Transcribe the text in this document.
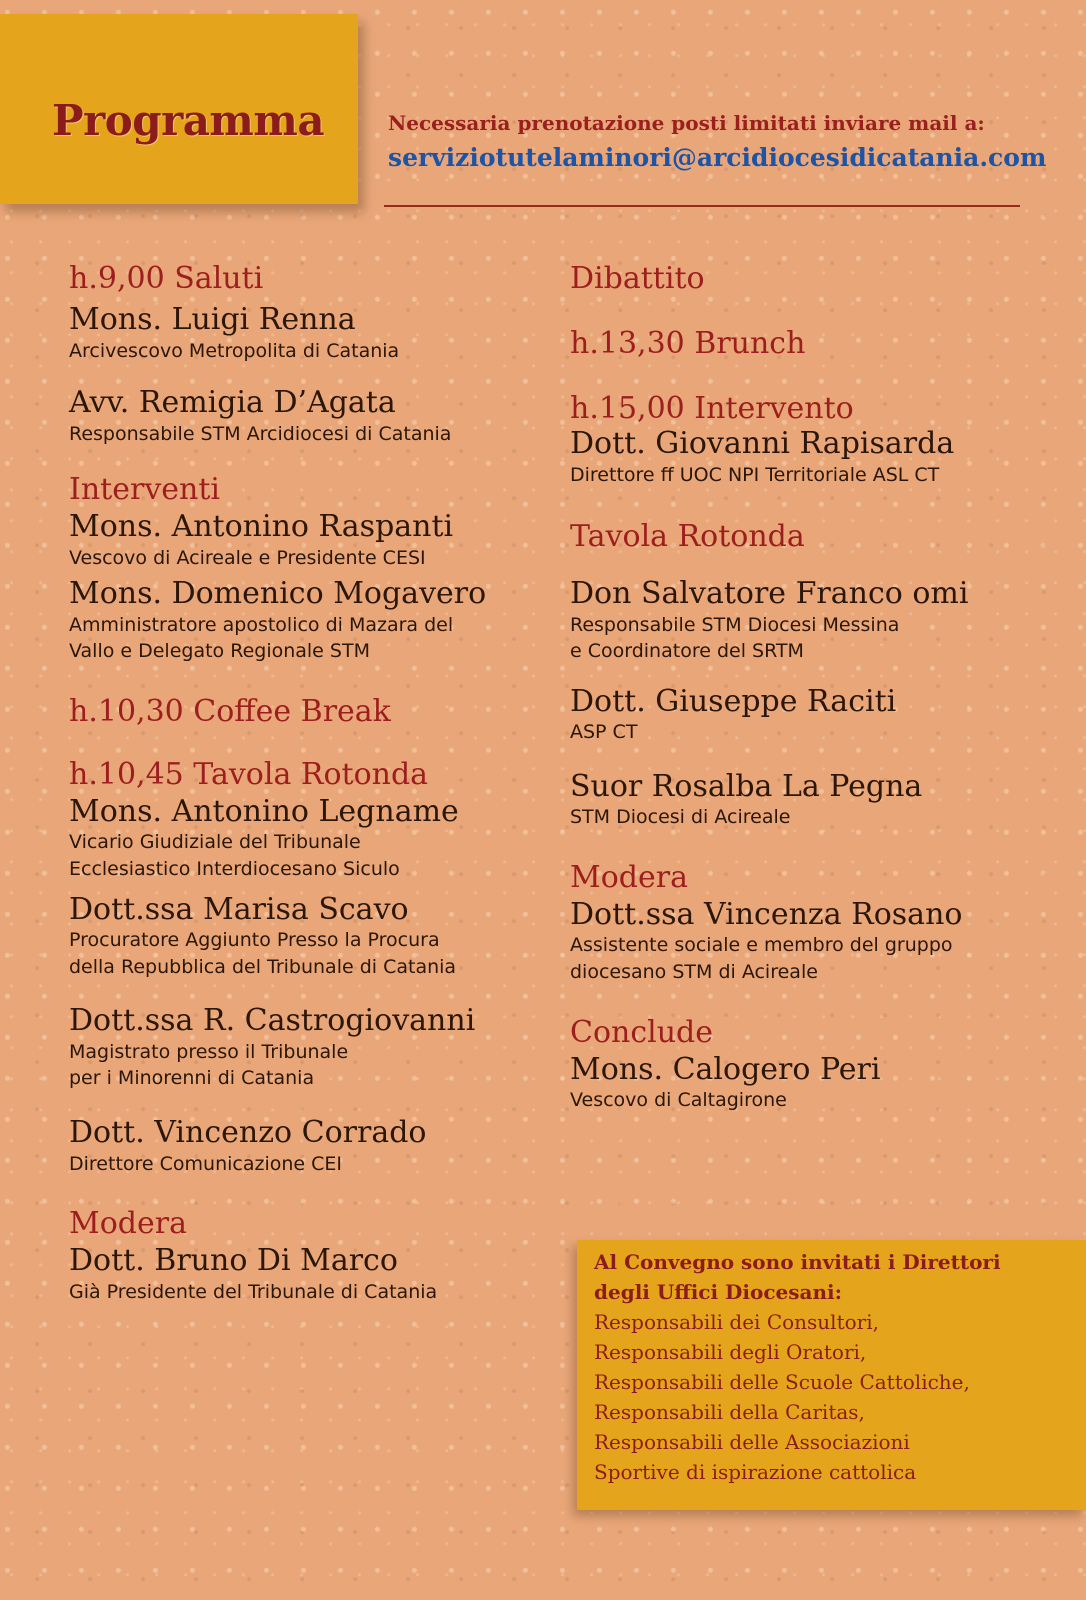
Programma	Necessaria prenotazione posti limitati inviare mail a:
serviziotutelaminori@arcidiocesidicatania.com
h.9,00 Saluti
Mons. Luigi Renna
Arcivescovo Metropolita di Catania
Avv. Remigia D’Agata
Responsabile STM Arcidiocesi di Catania
Interventi
Mons. Antonino Raspanti
Vescovo di Acireale e Presidente CESI
Mons. Domenico Mogavero
Amministratore apostolico di Mazara del
Vallo e Delegato Regionale STM
h.10,30 Coffee Break
h.10,45 Tavola Rotonda
Mons. Antonino Legname
Vicario Giudiziale del Tribunale
Ecclesiastico Interdiocesano Siculo
Dott.ssa Marisa Scavo
Procuratore Aggiunto Presso la Procura
della Repubblica del Tribunale di Catania
Dott.ssa R. Castrogiovanni
Magistrato presso il Tribunale
per i Minorenni di Catania
Dott. Vincenzo Corrado
Direttore Comunicazione CEI
Modera
Dott. Bruno Di Marco
Già Presidente del Tribunale di Catania
Dibattito
h.13,30 Brunch
h.15,00 Intervento
Dott. Giovanni Rapisarda
Direttore ff UOC NPI Territoriale ASL CT
Tavola Rotonda
Don Salvatore Franco omi
Responsabile STM Diocesi Messina
e Coordinatore del SRTM
Dott. Giuseppe Raciti
ASP CT
Suor Rosalba La Pegna
STM Diocesi di Acireale
Modera
Dott.ssa Vincenza Rosano
Assistente sociale e membro del gruppo
diocesano STM di Acireale
Conclude
Mons. Calogero Peri
Vescovo di Caltagirone
Al Convegno sono invitati i Direttori
degli Uffici Diocesani:
Responsabili dei Consultori,
Responsabili degli Oratori,
Responsabili delle Scuole Cattoliche,
Responsabili della Caritas,
Responsabili delle Associazioni
Sportive di ispirazione cattolica
